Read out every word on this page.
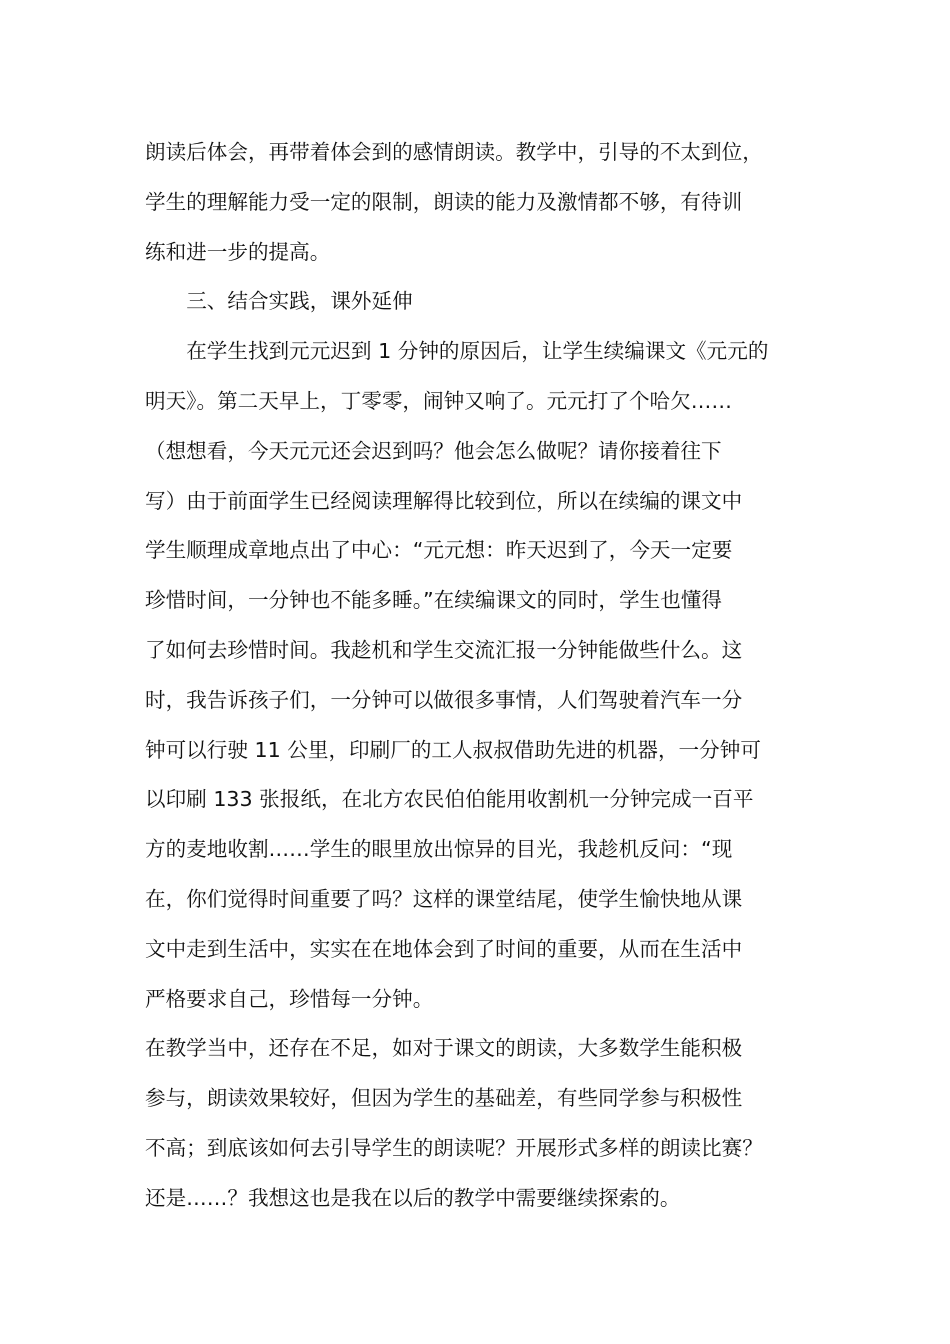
朗读后体会，再带着体会到的感情朗读。教学中，引导的不太到位，
学生的理解能力受一定的限制，朗读的能力及激情都不够，有待训
练和进一步的提高。

三、结合实践，课外延伸

在学生找到元元迟到 1 分钟的原因后，让学生续编课文《元元的
明天》。第二天早上，丁零零，闹钟又响了。元元打了个哈欠……
（想想看，今天元元还会迟到吗？他会怎么做呢？请你接着往下
写）由于前面学生已经阅读理解得比较到位，所以在续编的课文中
学生顺理成章地点出了中心：“元元想：昨天迟到了，今天一定要
珍惜时间，一分钟也不能多睡。”在续编课文的同时，学生也懂得
了如何去珍惜时间。我趁机和学生交流汇报一分钟能做些什么。这
时，我告诉孩子们，一分钟可以做很多事情，人们驾驶着汽车一分
钟可以行驶 11 公里，印刷厂的工人叔叔借助先进的机器，一分钟可
以印刷 133 张报纸，在北方农民伯伯能用收割机一分钟完成一百平
方的麦地收割……学生的眼里放出惊异的目光，我趁机反问：“现
在，你们觉得时间重要了吗？这样的课堂结尾，使学生愉快地从课
文中走到生活中，实实在在地体会到了时间的重要，从而在生活中
严格要求自己，珍惜每一分钟。

在教学当中，还存在不足，如对于课文的朗读，大多数学生能积极
参与，朗读效果较好，但因为学生的基础差，有些同学参与积极性
不高；到底该如何去引导学生的朗读呢？开展形式多样的朗读比赛？
还是……？我想这也是我在以后的教学中需要继续探索的。
